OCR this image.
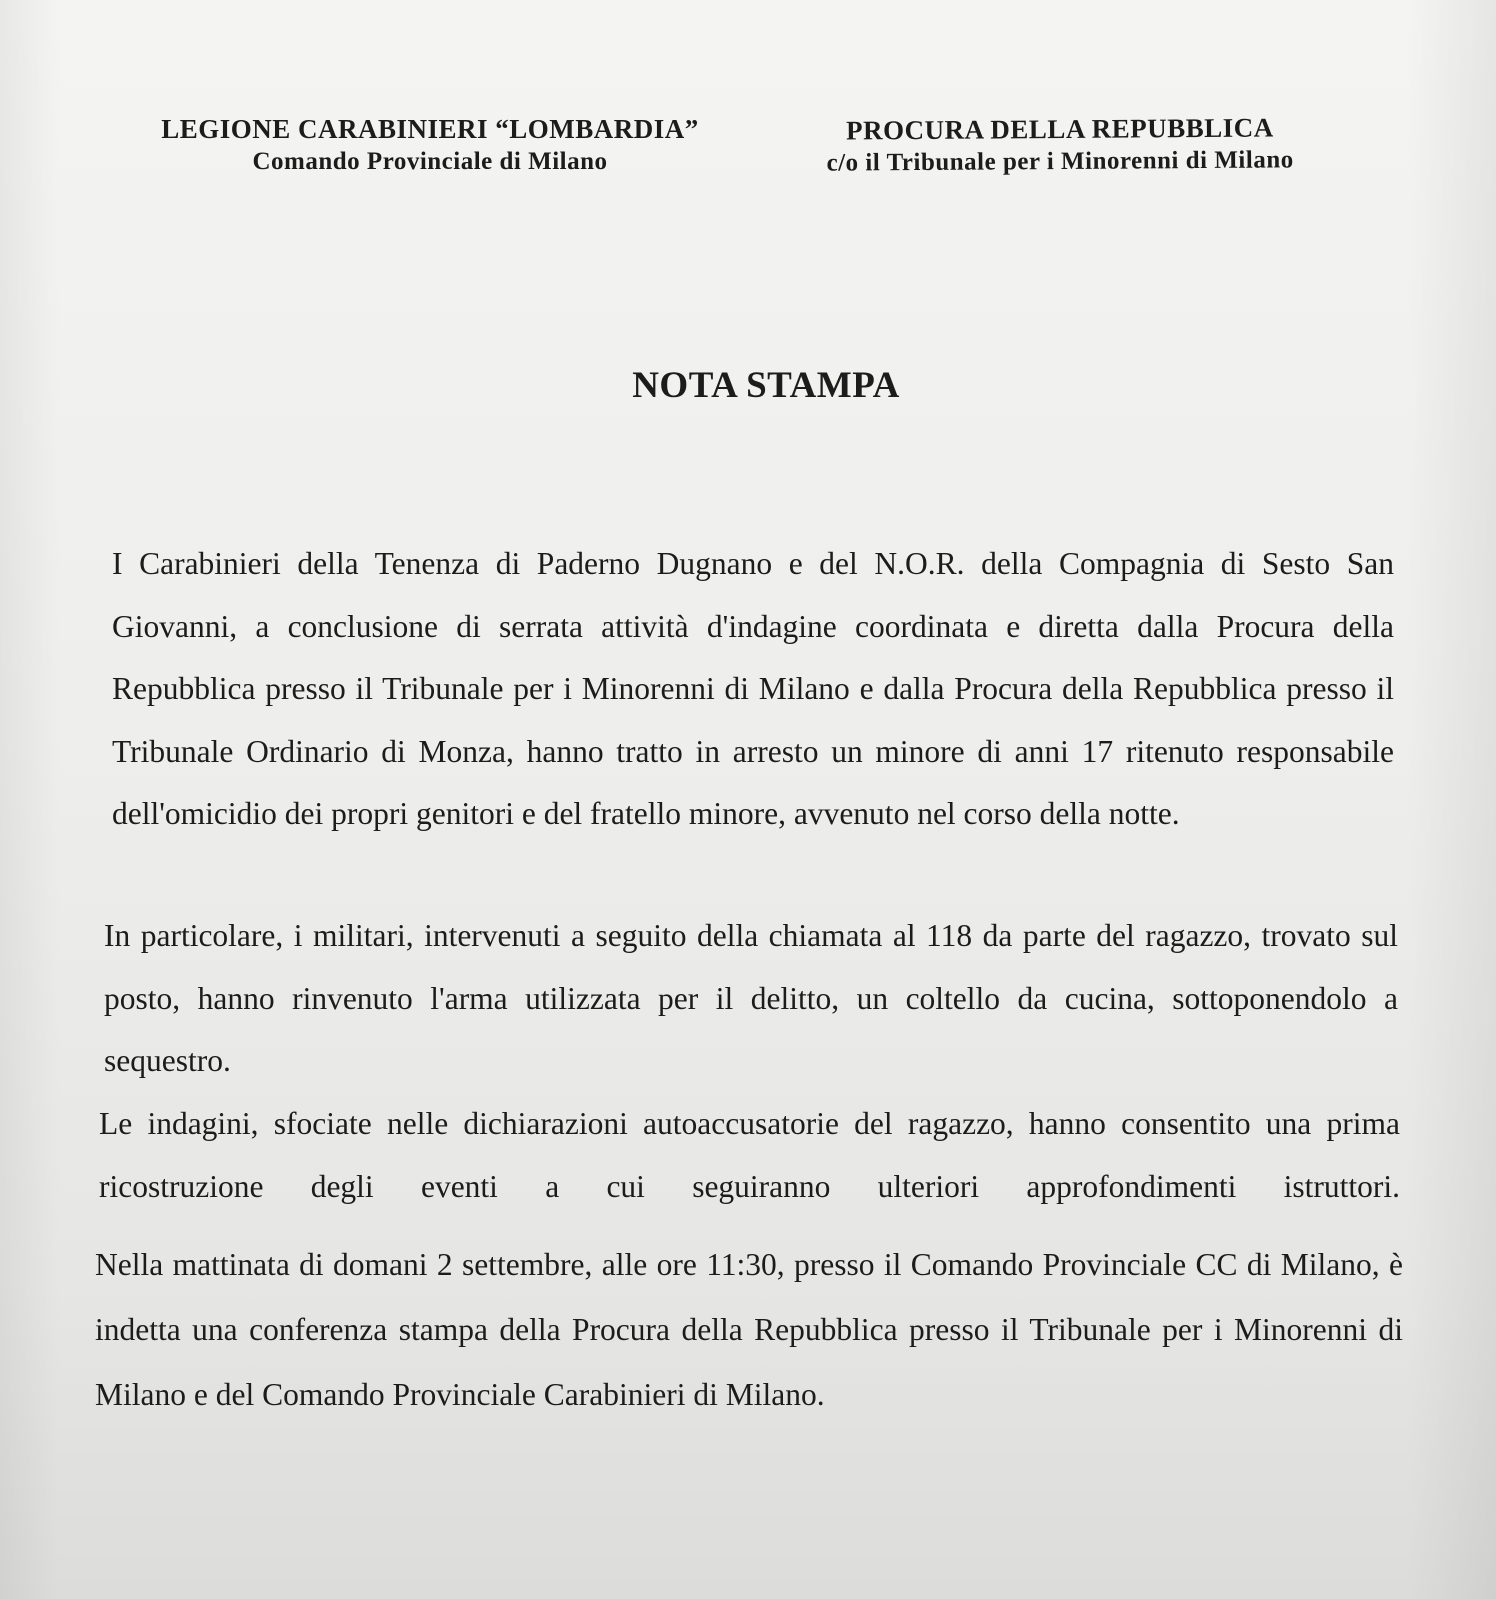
LEGIONE CARABINIERI “LOMBARDIA”
Comando Provinciale di Milano
PROCURA DELLA REPUBBLICA
c/o il Tribunale per i Minorenni di Milano
NOTA STAMPA

I Carabinieri della Tenenza di Paderno Dugnano e del N.O.R. della Compagnia di Sesto San Giovanni, a conclusione di serrata attività d'indagine coordinata e diretta dalla Procura della Repubblica presso il Tribunale per i Minorenni di Milano e dalla Procura della Repubblica presso il Tribunale Ordinario di Monza, hanno tratto in arresto un minore di anni 17 ritenuto responsabile dell'omicidio dei propri genitori e del fratello minore, avvenuto nel corso della notte.

In particolare, i militari, intervenuti a seguito della chiamata al 118 da parte del ragazzo, trovato sul posto, hanno rinvenuto l'arma utilizzata per il delitto, un coltello da cucina, sottoponendolo a sequestro.

Le indagini, sfociate nelle dichiarazioni autoaccusatorie del ragazzo, hanno consentito una prima ricostruzione degli eventi a cui seguiranno ulteriori approfondimenti istruttori.

Nella mattinata di domani 2 settembre, alle ore 11:30, presso il Comando Provinciale CC di Milano, è indetta una conferenza stampa della Procura della Repubblica presso il Tribunale per i Minorenni di Milano e del Comando Provinciale Carabinieri di Milano.
